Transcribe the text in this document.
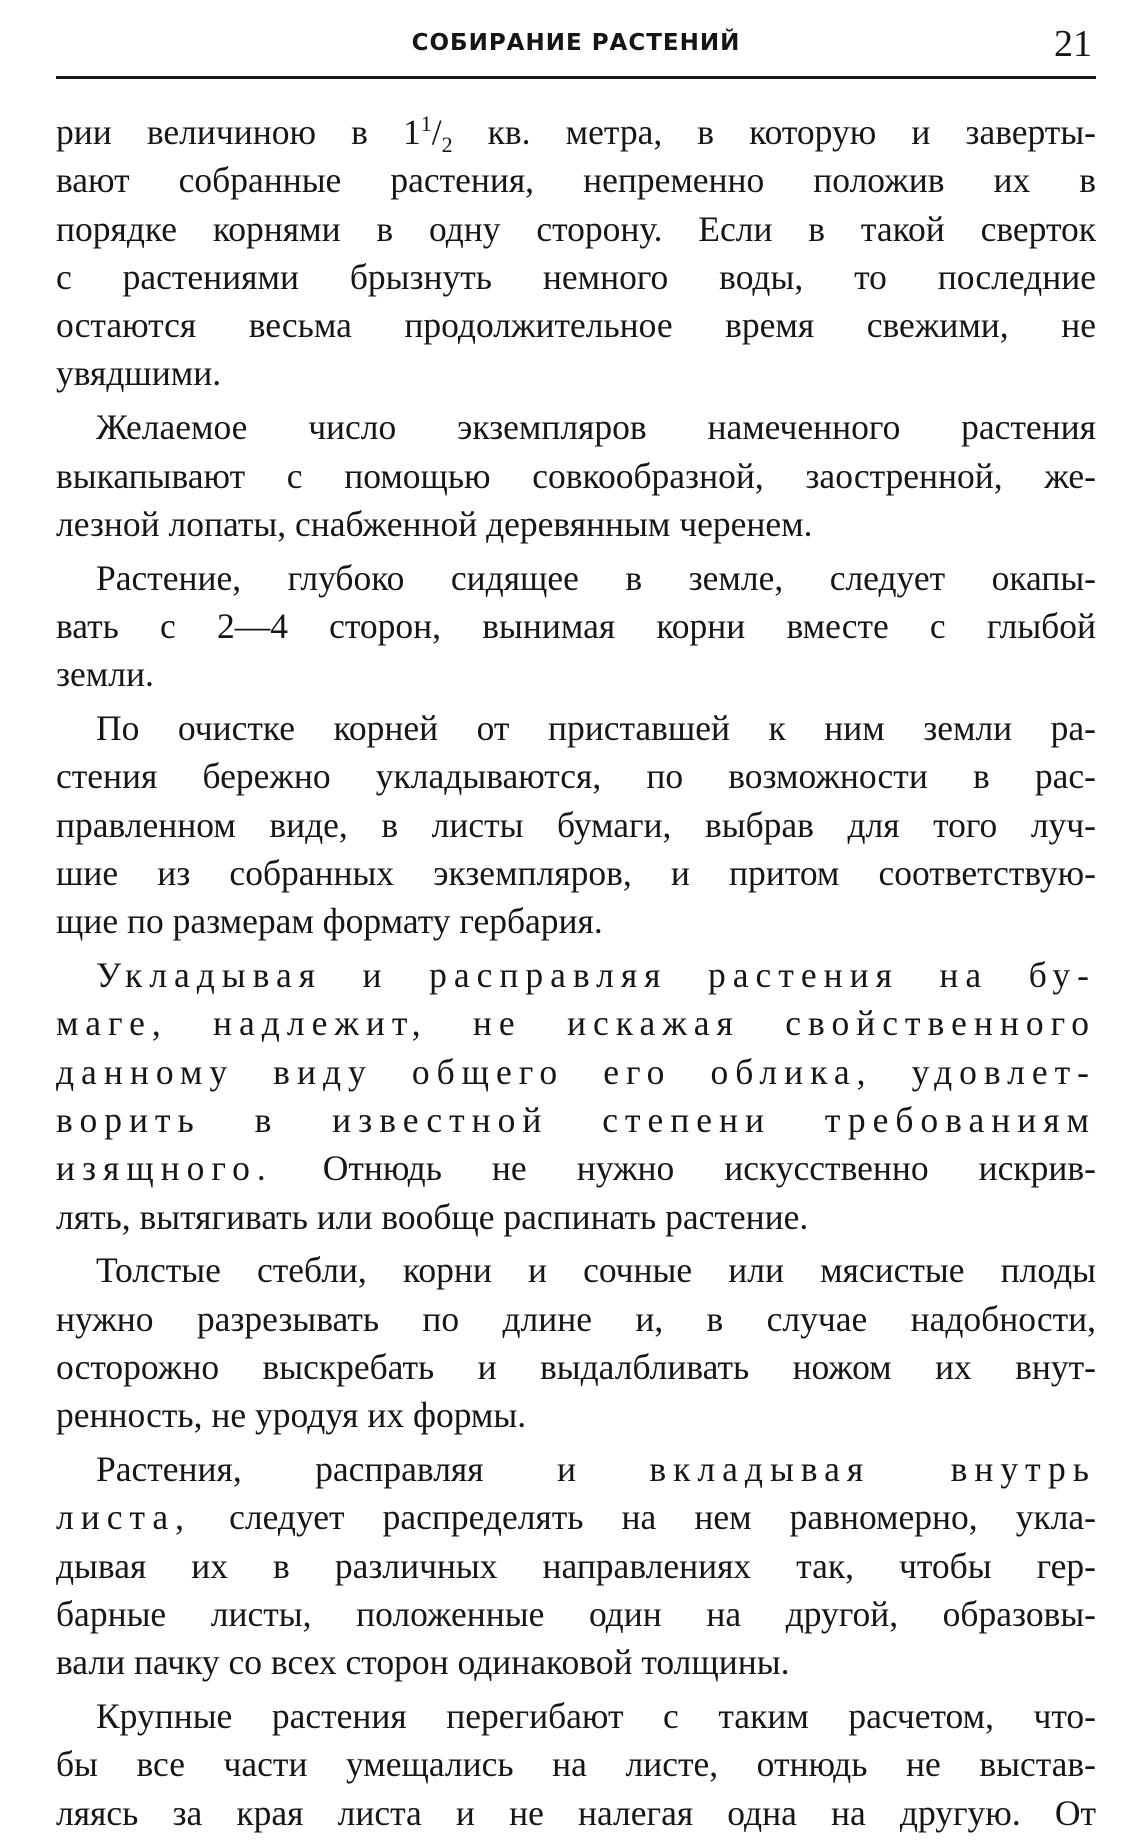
СОБИРАНИЕ РАСТЕНИЙ	21
рии величиною в $1^1/_2$ кв. метра, в которую и заверты-
вают собранные растения, непременно положив их в
порядке корнями в одну сторону. Если в такой сверток
с растениями брызнуть немного воды, то последние
остаются весьма продолжительное время свежими, не
увядшими.
Желаемое число экземпляров намеченного растения
выкапывают с помощью совкообразной, заостренной, же-
лезной лопаты, снабженной деревянным черенем.
Растение, глубоко сидящее в земле, следует окапы-
вать с 2—4 сторон, вынимая корни вместе с глыбой
земли.
По очистке корней от приставшей к ним земли ра-
стения бережно укладываются, по возможности в рас-
правленном виде, в листы бумаги, выбрав для того луч-
шие из собранных экземпляров, и притом соответствую-
щие по размерам формату гербария.
Укладывая и расправляя растения на бу-
маге, надлежит, не искажая свойственного
данному виду общего его облика, удовлет-
ворить в известной степени требованиям
изящного. Отнюдь не нужно искусственно искрив-
лять, вытягивать или вообще распинать растение.
Толстые стебли, корни и сочные или мясистые плоды
нужно разрезывать по длине и, в случае надобности,
осторожно выскребать и выдалбливать ножом их внут-
ренность, не уродуя их формы.
Растения, расправляя и вкладывая внутрь
листа, следует распределять на нем равномерно, укла-
дывая их в различных направлениях так, чтобы гер-
барные листы, положенные один на другой, образовы-
вали пачку со всех сторон одинаковой толщины.
Крупные растения перегибают с таким расчетом, что-
бы все части умещались на листе, отнюдь не выстав-
ляясь за края листа и не налегая одна на другую. От
